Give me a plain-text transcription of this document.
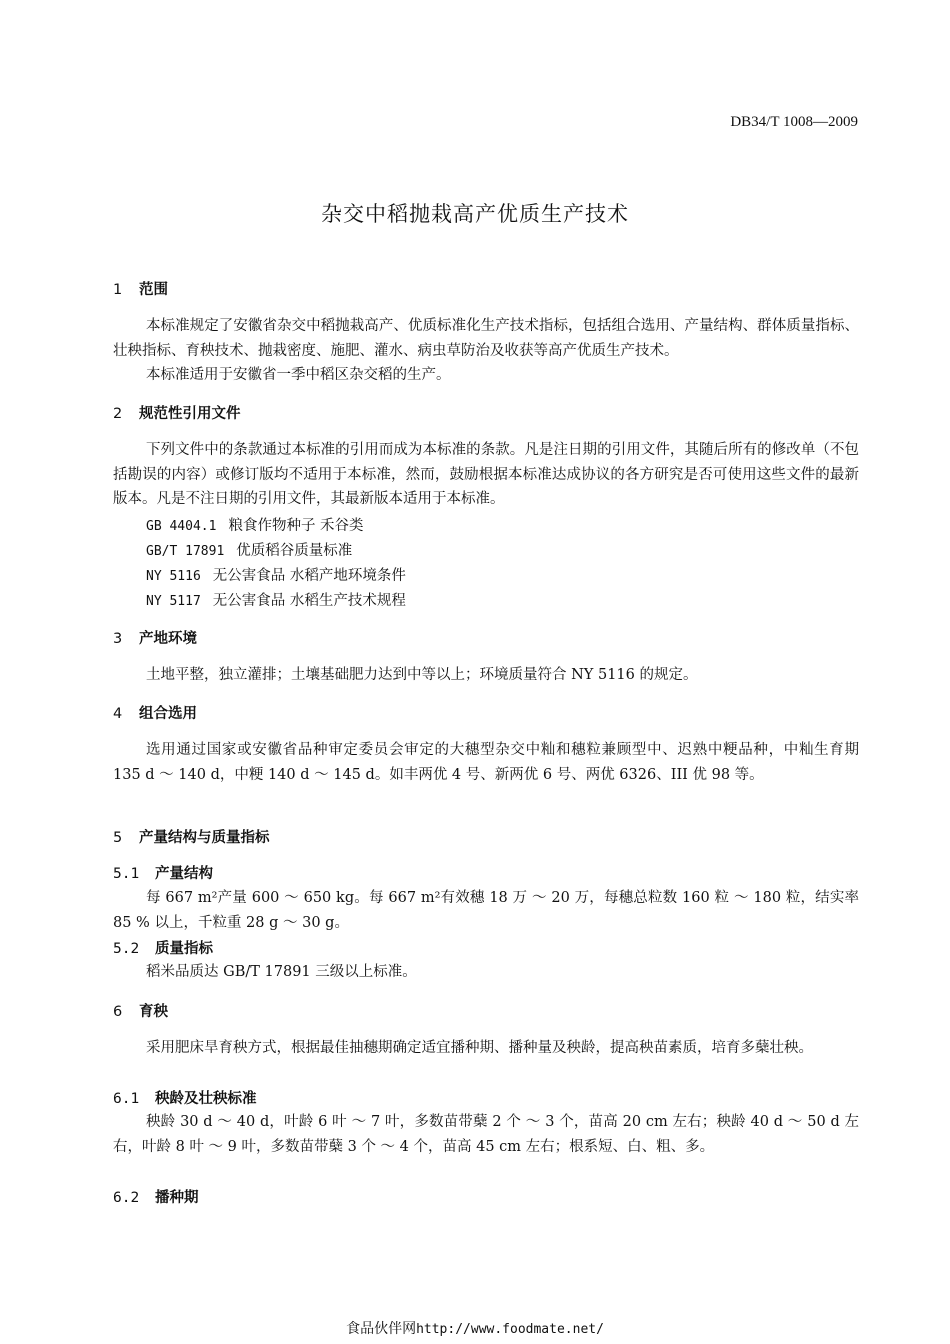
DB34/T 1008—2009
杂交中稻抛栽高产优质生产技术
1 范围
本标准规定了安徽省杂交中稻抛栽高产、优质标准化生产技术指标，包括组合选用、产量结构、群体质量指标、壮秧指标、育秧技术、抛栽密度、施肥、灌水、病虫草防治及收获等高产优质生产技术。
本标准适用于安徽省一季中稻区杂交稻的生产。
2 规范性引用文件
下列文件中的条款通过本标准的引用而成为本标准的条款。凡是注日期的引用文件，其随后所有的修改单（不包括勘误的内容）或修订版均不适用于本标准，然而，鼓励根据本标准达成协议的各方研究是否可使用这些文件的最新版本。凡是不注日期的引用文件，其最新版本适用于本标准。
GB 4404.1 粮食作物种子 禾谷类
GB/T 17891 优质稻谷质量标准
NY 5116 无公害食品 水稻产地环境条件
NY 5117 无公害食品 水稻生产技术规程
3 产地环境
土地平整，独立灌排；土壤基础肥力达到中等以上；环境质量符合 NY 5116 的规定。
4 组合选用
选用通过国家或安徽省品种审定委员会审定的大穗型杂交中籼和穗粒兼顾型中、迟熟中粳品种，中籼生育期 135 d ～ 140 d，中粳 140 d ～ 145 d。如丰两优 4 号、新两优 6 号、两优 6326、III 优 98 等。
5 产量结构与质量指标
5.1 产量结构
每 667 m²产量 600 ～ 650 kg。每 667 m²有效穗 18 万 ～ 20 万，每穗总粒数 160 粒 ～ 180 粒，结实率 85 % 以上，千粒重 28 g ～ 30 g。
5.2 质量指标
稻米品质达 GB/T 17891 三级以上标准。
6 育秧
采用肥床旱育秧方式，根据最佳抽穗期确定适宜播种期、播种量及秧龄，提高秧苗素质，培育多蘖壮秧。
6.1 秧龄及壮秧标准
秧龄 30 d ～ 40 d，叶龄 6 叶 ～ 7 叶，多数苗带蘖 2 个 ～ 3 个，苗高 20 cm 左右；秧龄 40 d ～ 50 d 左右，叶龄 8 叶 ～ 9 叶，多数苗带蘖 3 个 ～ 4 个，苗高 45 cm 左右；根系短、白、粗、多。
6.2 播种期
食品伙伴网http://www.foodmate.net/
